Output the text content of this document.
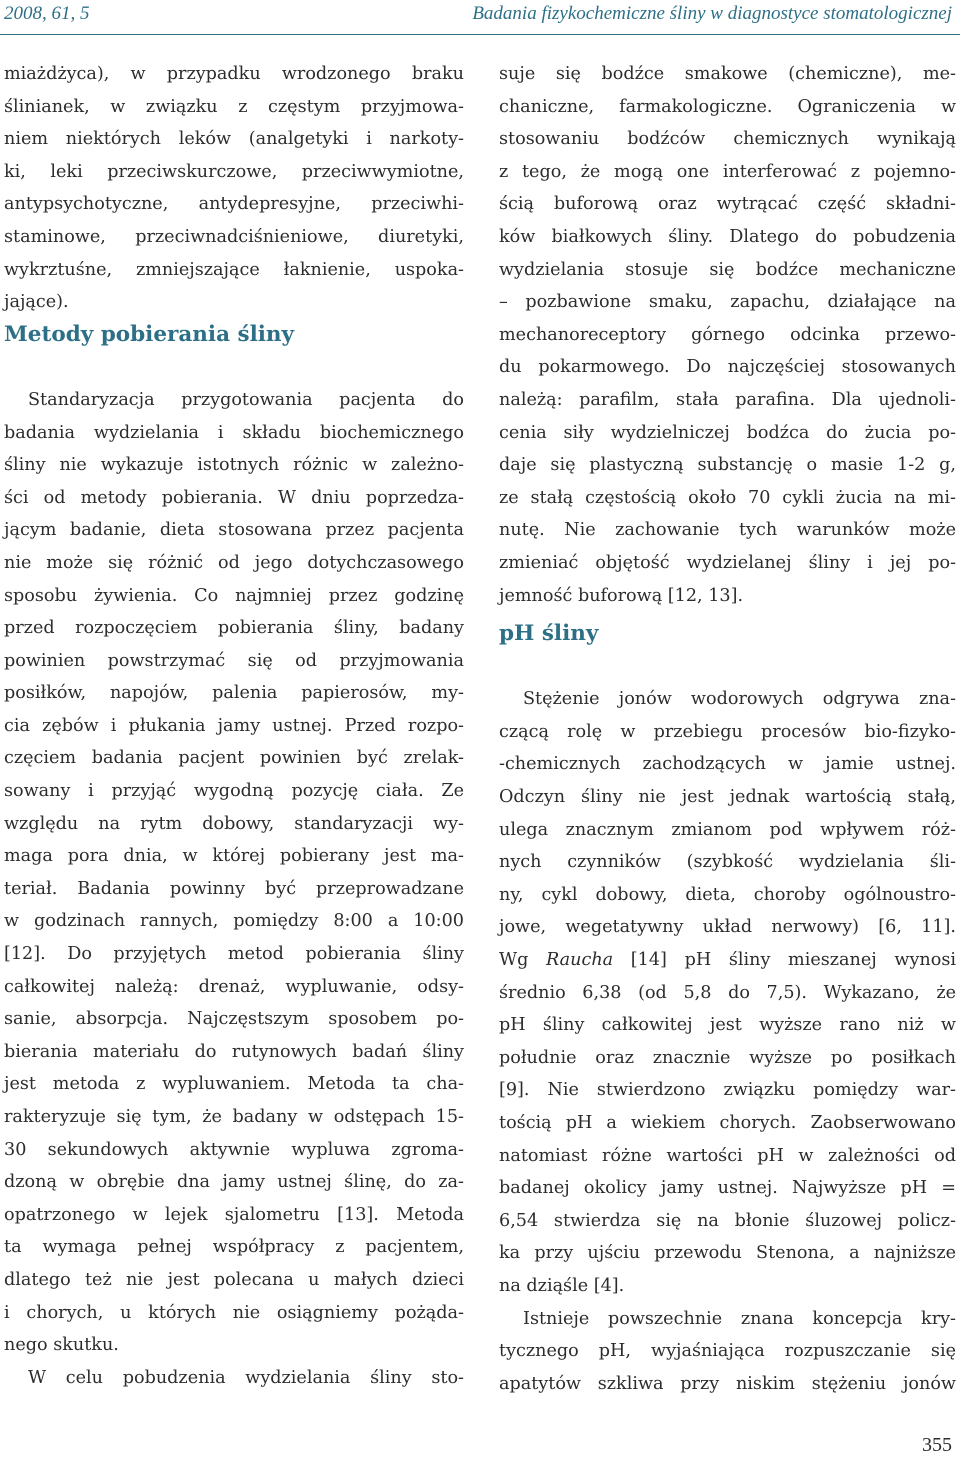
2008, 61, 5	Badania fizykochemiczne śliny w diagnostyce stomatologicznej
miażdżyca), w przypadku wrodzonego braku
ślinianek, w związku z częstym przyjmowa-
niem niektórych leków (analgetyki i narkoty-
ki, leki przeciwskurczowe, przeciwwymiotne,
antypsychotyczne, antydepresyjne, przeciwhi-
staminowe, przeciwnadciśnieniowe, diuretyki,
wykrztuśne, zmniejszające łaknienie, uspoka-
jające).
Metody pobierania śliny
Standaryzacja przygotowania pacjenta do
badania wydzielania i składu biochemicznego
śliny nie wykazuje istotnych różnic w zależno-
ści od metody pobierania. W dniu poprzedza-
jącym badanie, dieta stosowana przez pacjenta
nie może się różnić od jego dotychczasowego
sposobu żywienia. Co najmniej przez godzinę
przed rozpoczęciem pobierania śliny, badany
powinien powstrzymać się od przyjmowania
posiłków, napojów, palenia papierosów, my-
cia zębów i płukania jamy ustnej. Przed rozpo-
częciem badania pacjent powinien być zrelak-
sowany i przyjąć wygodną pozycję ciała. Ze
względu na rytm dobowy, standaryzacji wy-
maga pora dnia, w której pobierany jest ma-
teriał. Badania powinny być przeprowadzane
w godzinach rannych, pomiędzy 8:00 a 10:00
[12]. Do przyjętych metod pobierania śliny
całkowitej należą: drenaż, wypluwanie, odsy-
sanie, absorpcja. Najczęstszym sposobem po-
bierania materiału do rutynowych badań śliny
jest metoda z wypluwaniem. Metoda ta cha-
rakteryzuje się tym, że badany w odstępach 15-
30 sekundowych aktywnie wypluwa zgroma-
dzoną w obrębie dna jamy ustnej ślinę, do za-
opatrzonego w lejek sjalometru [13]. Metoda
ta wymaga pełnej współpracy z pacjentem,
dlatego też nie jest polecana u małych dzieci
i chorych, u których nie osiągniemy pożąda-
nego skutku.
W celu pobudzenia wydzielania śliny sto-
suje się bodźce smakowe (chemiczne), me-
chaniczne, farmakologiczne. Ograniczenia w
stosowaniu bodźców chemicznych wynikają
z tego, że mogą one interferować z pojemno-
ścią buforową oraz wytrącać część składni-
ków białkowych śliny. Dlatego do pobudzenia
wydzielania stosuje się bodźce mechaniczne
– pozbawione smaku, zapachu, działające na
mechanoreceptory górnego odcinka przewo-
du pokarmowego. Do najczęściej stosowanych
należą: parafilm, stała parafina. Dla ujednoli-
cenia siły wydzielniczej bodźca do żucia po-
daje się plastyczną substancję o masie 1-2 g,
ze stałą częstością około 70 cykli żucia na mi-
nutę. Nie zachowanie tych warunków może
zmieniać objętość wydzielanej śliny i jej po-
jemność buforową [12, 13].
pH śliny
Stężenie jonów wodorowych odgrywa zna-
czącą rolę w przebiegu procesów bio-fizyko-
-chemicznych zachodzących w jamie ustnej.
Odczyn śliny nie jest jednak wartością stałą,
ulega znacznym zmianom pod wpływem róż-
nych czynników (szybkość wydzielania śli-
ny, cykl dobowy, dieta, choroby ogólnoustro-
jowe, wegetatywny układ nerwowy) [6, 11].
Wg Raucha [14] pH śliny mieszanej wynosi
średnio 6,38 (od 5,8 do 7,5). Wykazano, że
pH śliny całkowitej jest wyższe rano niż w
południe oraz znacznie wyższe po posiłkach
[9]. Nie stwierdzono związku pomiędzy war-
tością pH a wiekiem chorych. Zaobserwowano
natomiast różne wartości pH w zależności od
badanej okolicy jamy ustnej. Najwyższe pH =
6,54 stwierdza się na błonie śluzowej policz-
ka przy ujściu przewodu Stenona, a najniższe
na dziąśle [4].
Istnieje powszechnie znana koncepcja kry-
tycznego pH, wyjaśniająca rozpuszczanie się
apatytów szkliwa przy niskim stężeniu jonów
355
